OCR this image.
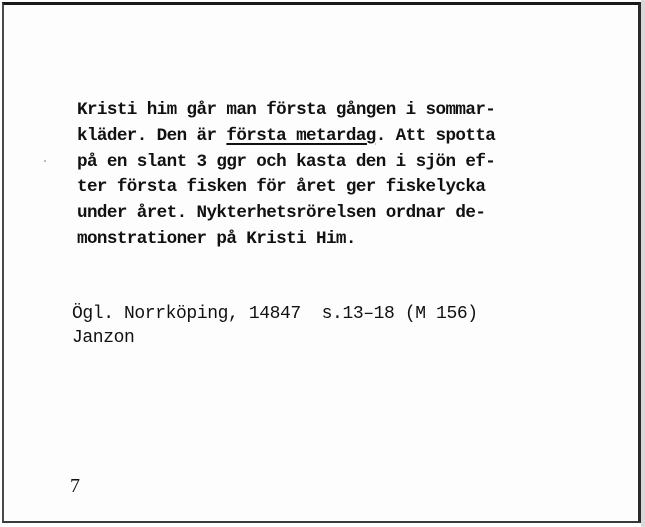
Kristi him går man första gången i sommar-
kläder. Den är första metardag. Att spotta
på en slant 3 ggr och kasta den i sjön ef-
ter första fisken för året ger fiskelycka
under året. Nykterhetsrörelsen ordnar de-
monstrationer på Kristi Him.
Ögl. Norrköping, 14847  s.13–18 (M 156)
Janzon
7
